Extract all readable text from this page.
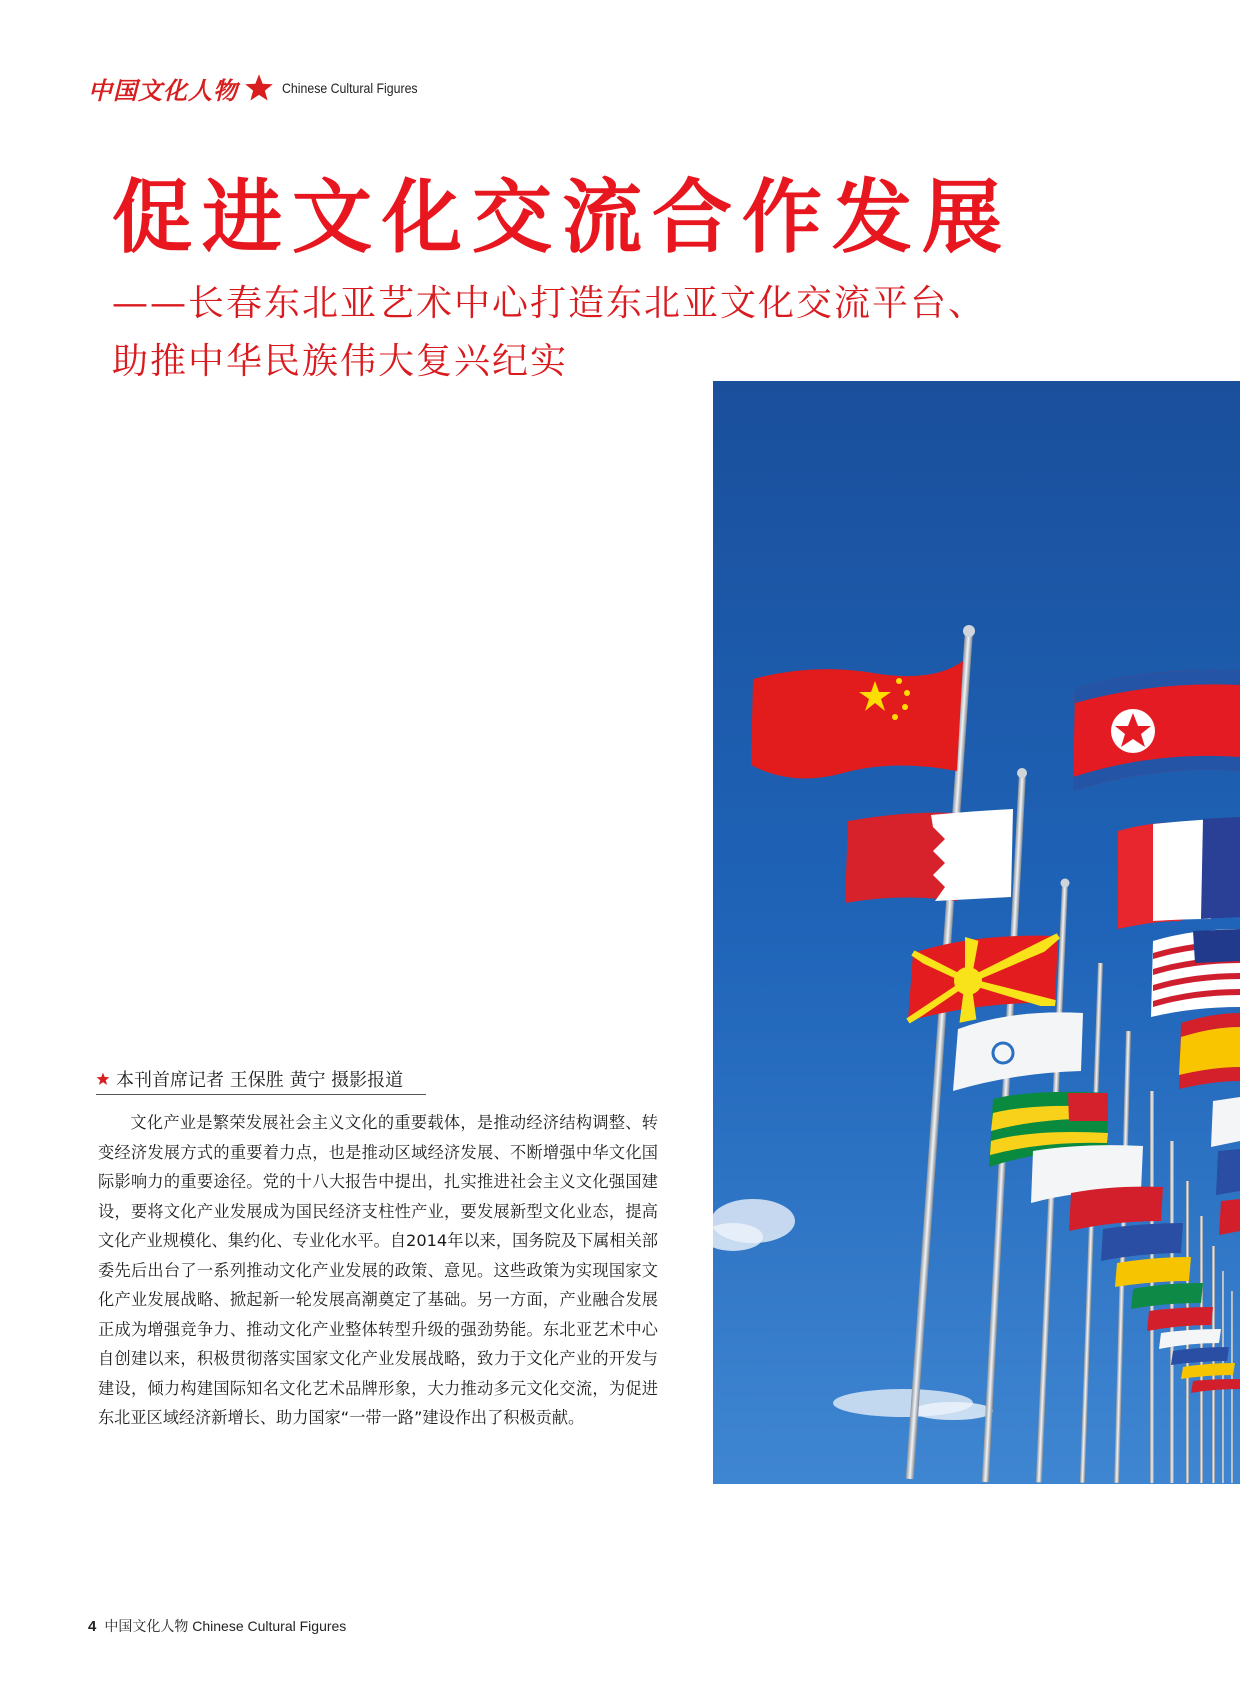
中国文化人物	Chinese Cultural Figures
促进文化交流合作发展

——长春东北亚艺术中心打造东北亚文化交流平台、

助推中华民族伟大复兴纪实

本刊首席记者 王保胜 黄宁 摄影报道

文化产业是繁荣发展社会主义文化的重要载体，是推动经济结构调整、转变经济发展方式的重要着力点，也是推动区域经济发展、不断增强中华文化国际影响力的重要途径。党的十八大报告中提出，扎实推进社会主义文化强国建设，要将文化产业发展成为国民经济支柱性产业，要发展新型文化业态，提高文化产业规模化、集约化、专业化水平。自2014年以来，国务院及下属相关部委先后出台了一系列推动文化产业发展的政策、意见。这些政策为实现国家文化产业发展战略、掀起新一轮发展高潮奠定了基础。另一方面，产业融合发展正成为增强竞争力、推动文化产业整体转型升级的强劲势能。东北亚艺术中心自创建以来，积极贯彻落实国家文化产业发展战略，致力于文化产业的开发与建设，倾力构建国际知名文化艺术品牌形象，大力推动多元文化交流，为促进东北亚区域经济新增长、助力国家“一带一路”建设作出了积极贡献。

4 中国文化人物
Chinese Cultural Figures
